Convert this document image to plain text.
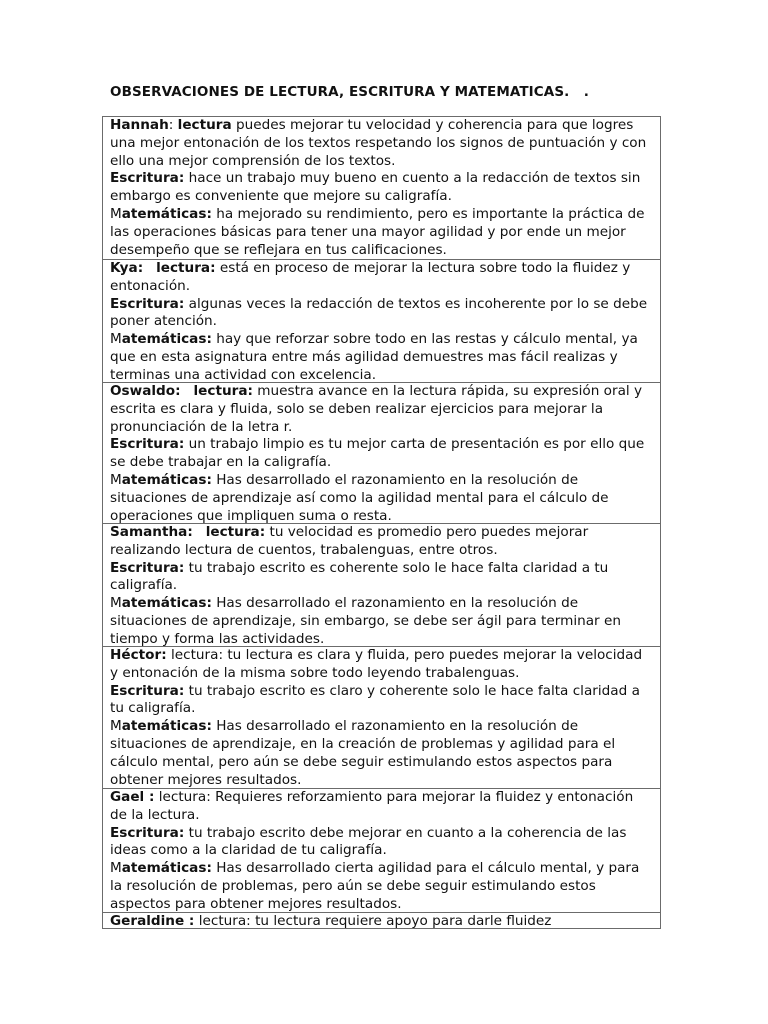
OBSERVACIONES DE LECTURA, ESCRITURA Y MATEMATICAS.   .
Hannah: lectura puedes mejorar tu velocidad y coherencia para que logres una mejor entonación de los textos respetando los signos de puntuación y con ello una mejor comprensión de los textos.
Escritura: hace un trabajo muy bueno en cuento a la redacción de textos sin embargo es conveniente que mejore su caligrafía.
Matemáticas: ha mejorado su rendimiento, pero es importante la práctica de las operaciones básicas para tener una mayor agilidad y por ende un mejor desempeño que se reflejara en tus calificaciones.
Kya: lectura: está en proceso de mejorar la lectura sobre todo la fluidez y entonación.
Escritura: algunas veces la redacción de textos es incoherente por lo se debe poner atención.
Matemáticas: hay que reforzar sobre todo en las restas y cálculo mental, ya que en esta asignatura entre más agilidad demuestres mas fácil realizas y terminas una actividad con excelencia.
Oswaldo: lectura: muestra avance en la lectura rápida, su expresión oral y escrita es clara y fluida, solo se deben realizar ejercicios para mejorar la pronunciación de la letra r.
Escritura: un trabajo limpio es tu mejor carta de presentación es por ello que se debe trabajar en la caligrafía.
Matemáticas: Has desarrollado el razonamiento en la resolución de situaciones de aprendizaje así como la agilidad mental para el cálculo de operaciones que impliquen suma o resta.
Samantha: lectura: tu velocidad es promedio pero puedes mejorar realizando lectura de cuentos, trabalenguas, entre otros.
Escritura: tu trabajo escrito es coherente solo le hace falta claridad a tu caligrafía.
Matemáticas: Has desarrollado el razonamiento en la resolución de situaciones de aprendizaje, sin embargo, se debe ser ágil para terminar en tiempo y forma las actividades.
Héctor: lectura: tu lectura es clara y fluida, pero puedes mejorar la velocidad y entonación de la misma sobre todo leyendo trabalenguas.
Escritura: tu trabajo escrito es claro y coherente solo le hace falta claridad a tu caligrafía.
Matemáticas: Has desarrollado el razonamiento en la resolución de situaciones de aprendizaje, en la creación de problemas y agilidad para el cálculo mental, pero aún se debe seguir estimulando estos aspectos para obtener mejores resultados.
Gael : lectura: Requieres reforzamiento para mejorar la fluidez y entonación de la lectura.
Escritura: tu trabajo escrito debe mejorar en cuanto a la coherencia de las ideas como a la claridad de tu caligrafía.
Matemáticas: Has desarrollado cierta agilidad para el cálculo mental, y para la resolución de problemas, pero aún se debe seguir estimulando estos aspectos para obtener mejores resultados.
Geraldine : lectura: tu lectura requiere apoyo para darle fluidez
